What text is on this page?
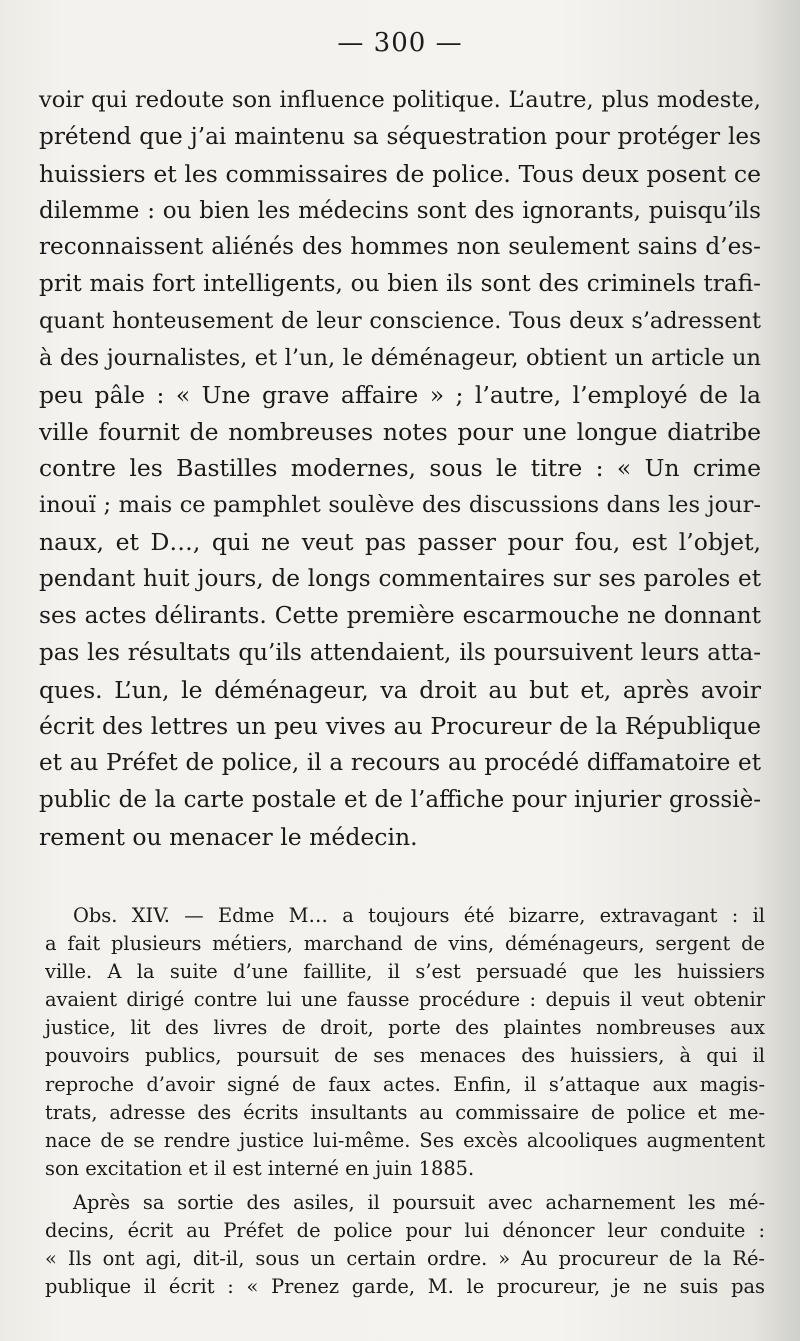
— 300 —
voir qui redoute son influence politique. L’autre, plus modeste,
prétend que j’ai maintenu sa séquestration pour protéger les
huissiers et les commissaires de police. Tous deux posent ce
dilemme : ou bien les médecins sont des ignorants, puisqu’ils
reconnaissent aliénés des hommes non seulement sains d’es-
prit mais fort intelligents, ou bien ils sont des criminels trafi-
quant honteusement de leur conscience. Tous deux s’adressent
à des journalistes, et l’un, le déménageur, obtient un article un
peu pâle : « Une grave affaire » ; l’autre, l’employé de la
ville fournit de nombreuses notes pour une longue diatribe
contre les Bastilles modernes, sous le titre : « Un crime
inouï ; mais ce pamphlet soulève des discussions dans les jour-
naux, et D…, qui ne veut pas passer pour fou, est l’objet,
pendant huit jours, de longs commentaires sur ses paroles et
ses actes délirants. Cette première escarmouche ne donnant
pas les résultats qu’ils attendaient, ils poursuivent leurs atta-
ques. L’un, le déménageur, va droit au but et, après avoir
écrit des lettres un peu vives au Procureur de la République
et au Préfet de police, il a recours au procédé diffamatoire et
public de la carte postale et de l’affiche pour injurier grossiè-
rement ou menacer le médecin.
Obs. XIV. — Edme M… a toujours été bizarre, extravagant : il
a fait plusieurs métiers, marchand de vins, déménageurs, sergent de
ville. A la suite d’une faillite, il s’est persuadé que les huissiers
avaient dirigé contre lui une fausse procédure : depuis il veut obtenir
justice, lit des livres de droit, porte des plaintes nombreuses aux
pouvoirs publics, poursuit de ses menaces des huissiers, à qui il
reproche d’avoir signé de faux actes. Enfin, il s’attaque aux magis-
trats, adresse des écrits insultants au commissaire de police et me-
nace de se rendre justice lui-même. Ses excès alcooliques augmentent
son excitation et il est interné en juin 1885.
Après sa sortie des asiles, il poursuit avec acharnement les mé-
decins, écrit au Préfet de police pour lui dénoncer leur conduite :
« Ils ont agi, dit-il, sous un certain ordre. » Au procureur de la Ré-
publique il écrit : « Prenez garde, M. le procureur, je ne suis pas
